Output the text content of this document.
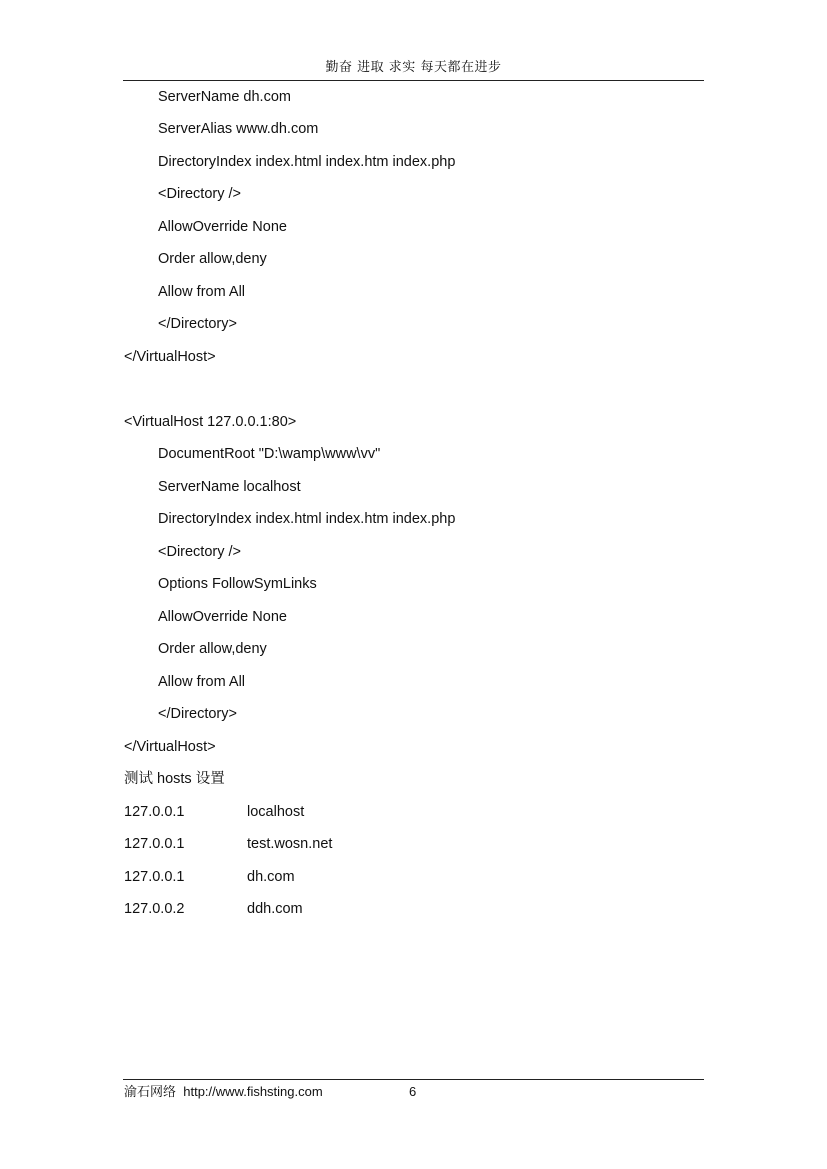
勤奋 进取 求实 每天都在进步
ServerName dh.com
ServerAlias www.dh.com
DirectoryIndex index.html index.htm index.php
<Directory />
AllowOverride None
Order allow,deny
Allow from All
</Directory>
</VirtualHost>
<VirtualHost 127.0.0.1:80>
DocumentRoot "D:\wamp\www\vv"
ServerName localhost
DirectoryIndex index.html index.htm index.php
<Directory />
Options FollowSymLinks
AllowOverride None
Order allow,deny
Allow from All
</Directory>
</VirtualHost>
测试 hosts 设置
127.0.0.1	localhost
127.0.0.1	test.wosn.net
127.0.0.1	dh.com
127.0.0.2	ddh.com
渝石网络 http://www.fishsting.com	6
